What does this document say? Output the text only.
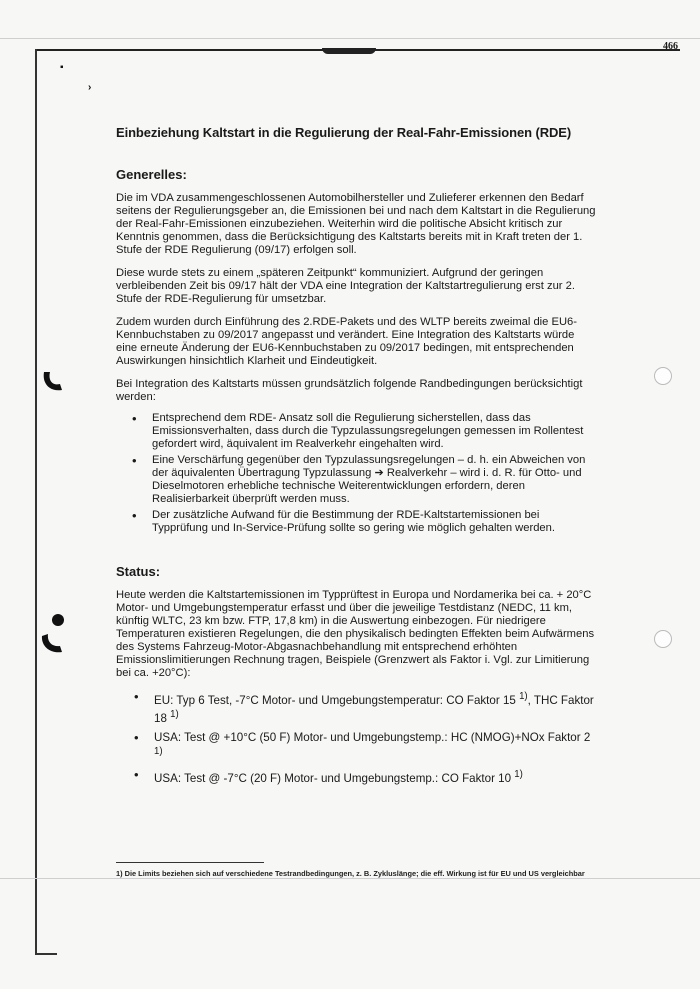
466
▪
›
Einbeziehung Kaltstart in die Regulierung der Real-Fahr-Emissionen (RDE)
Generelles:

Die im VDA zusammengeschlossenen Automobilhersteller und Zulieferer erkennen den Bedarf seitens der Regulierungsgeber an, die Emissionen bei und nach dem Kaltstart in die Regulierung der Real-Fahr-Emissionen einzubeziehen. Weiterhin wird die politische Absicht kritisch zur Kenntnis genommen, dass die Berücksichtigung des Kaltstarts bereits mit in Kraft treten der 1. Stufe der RDE Regulierung (09/17) erfolgen soll.

Diese wurde stets zu einem „späteren Zeitpunkt“ kommuniziert. Aufgrund der geringen verbleibenden Zeit bis 09/17 hält der VDA eine Integration der Kaltstartregulierung erst zur 2. Stufe der RDE-Regulierung für umsetzbar.

Zudem wurden durch Einführung des 2.RDE-Pakets und des WLTP bereits zweimal die EU6-Kennbuchstaben zu 09/2017 angepasst und verändert. Eine Integration des Kaltstarts würde eine erneute Änderung der EU6-Kennbuchstaben zu 09/2017 bedingen, mit entsprechenden Auswirkungen hinsichtlich Klarheit und Eindeutigkeit.

Bei Integration des Kaltstarts müssen grundsätzlich folgende Randbedingungen berücksichtigt werden:

• Entsprechend dem RDE- Ansatz soll die Regulierung sicherstellen, dass das Emissionsverhalten, dass durch die Typzulassungsregelungen gemessen im Rollentest gefordert wird, äquivalent im Realverkehr eingehalten wird.
• Eine Verschärfung gegenüber den Typzulassungsregelungen – d. h. ein Abweichen von der äquivalenten Übertragung Typzulassung ➔ Realverkehr – wird i. d. R. für Otto- und Dieselmotoren erhebliche technische Weiterentwicklungen erfordern, deren Realisierbarkeit überprüft werden muss.
• Der zusätzliche Aufwand für die Bestimmung der RDE-Kaltstartemissionen bei Typprüfung und In-Service-Prüfung sollte so gering wie möglich gehalten werden.
Status:

Heute werden die Kaltstartemissionen im Typprüftest in Europa und Nordamerika bei ca. + 20°C Motor- und Umgebungstemperatur erfasst und über die jeweilige Testdistanz (NEDC, 11 km, künftig WLTC, 23 km bzw. FTP, 17,8 km) in die Auswertung einbezogen. Für niedrigere Temperaturen existieren Regelungen, die den physikalisch bedingten Effekten beim Aufwärmens des Systems Fahrzeug-Motor-Abgasnachbehandlung mit entsprechend erhöhten Emissionslimitierungen Rechnung tragen, Beispiele (Grenzwert als Faktor i. Vgl. zur Limitierung bei ca. +20°C):

• EU: Typ 6 Test, -7°C Motor- und Umgebungstemperatur: CO Faktor 15 $^{1)}$, THC Faktor 18 $^{1)}$
• USA: Test @ +10°C (50 F) Motor- und Umgebungstemp.: HC (NMOG)+NOx Faktor 2 $^{1)}$
• USA: Test @ -7°C (20 F) Motor- und Umgebungstemp.: CO Faktor 10 $^{1)}$
1) Die Limits beziehen sich auf verschiedene Testrandbedingungen, z. B. Zykluslänge; die eff. Wirkung ist für EU und US vergleichbar
